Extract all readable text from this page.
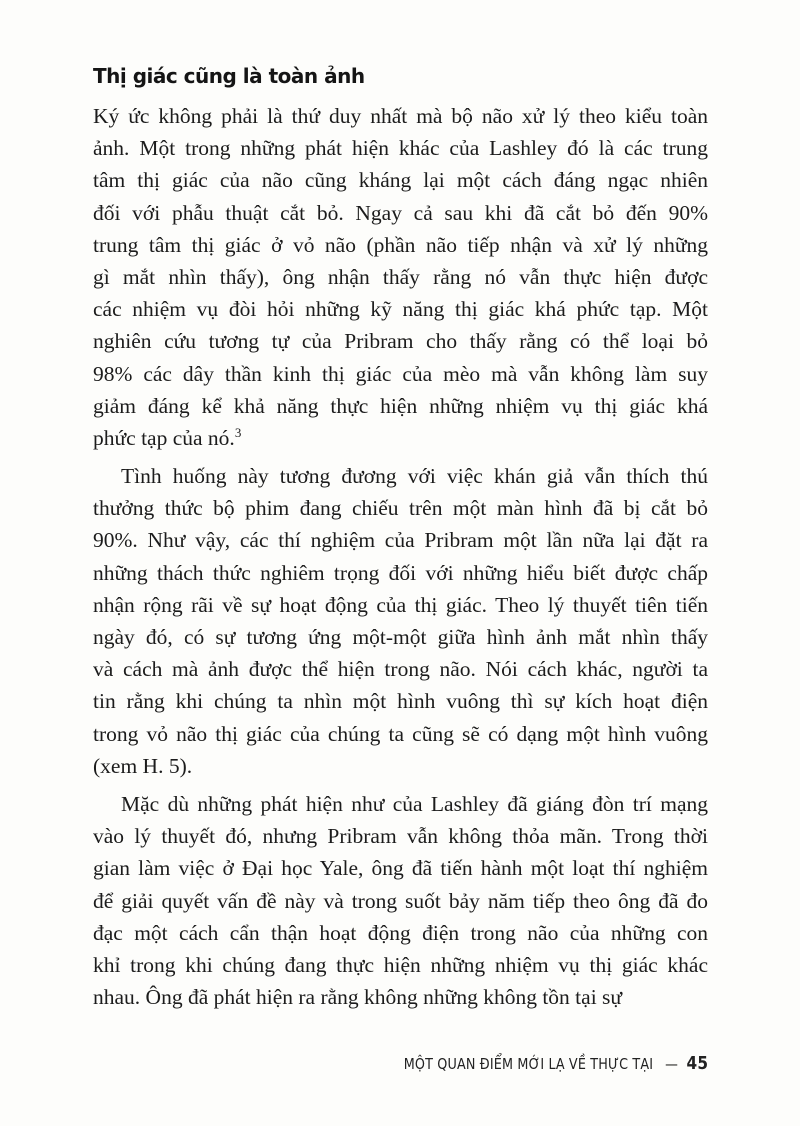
Thị giác cũng là toàn ảnh
Ký ức không phải là thứ duy nhất mà bộ não xử lý theo kiểu toàn
ảnh. Một trong những phát hiện khác của Lashley đó là các trung
tâm thị giác của não cũng kháng lại một cách đáng ngạc nhiên
đối với phẫu thuật cắt bỏ. Ngay cả sau khi đã cắt bỏ đến 90%
trung tâm thị giác ở vỏ não (phần não tiếp nhận và xử lý những
gì mắt nhìn thấy), ông nhận thấy rằng nó vẫn thực hiện được
các nhiệm vụ đòi hỏi những kỹ năng thị giác khá phức tạp. Một
nghiên cứu tương tự của Pribram cho thấy rằng có thể loại bỏ
98% các dây thần kinh thị giác của mèo mà vẫn không làm suy
giảm đáng kể khả năng thực hiện những nhiệm vụ thị giác khá
phức tạp của nó.$^3$
Tình huống này tương đương với việc khán giả vẫn thích thú
thưởng thức bộ phim đang chiếu trên một màn hình đã bị cắt bỏ
90%. Như vậy, các thí nghiệm của Pribram một lần nữa lại đặt ra
những thách thức nghiêm trọng đối với những hiểu biết được chấp
nhận rộng rãi về sự hoạt động của thị giác. Theo lý thuyết tiên tiến
ngày đó, có sự tương ứng một-một giữa hình ảnh mắt nhìn thấy
và cách mà ảnh được thể hiện trong não. Nói cách khác, người ta
tin rằng khi chúng ta nhìn một hình vuông thì sự kích hoạt điện
trong vỏ não thị giác của chúng ta cũng sẽ có dạng một hình vuông
(xem H. 5).
Mặc dù những phát hiện như của Lashley đã giáng đòn trí mạng
vào lý thuyết đó, nhưng Pribram vẫn không thỏa mãn. Trong thời
gian làm việc ở Đại học Yale, ông đã tiến hành một loạt thí nghiệm
để giải quyết vấn đề này và trong suốt bảy năm tiếp theo ông đã đo
đạc một cách cẩn thận hoạt động điện trong não của những con
khỉ trong khi chúng đang thực hiện những nhiệm vụ thị giác khác
nhau. Ông đã phát hiện ra rằng không những không tồn tại sự
MỘT QUAN ĐIỂM MỚI LẠ VỀ THỰC TẠI — 45
